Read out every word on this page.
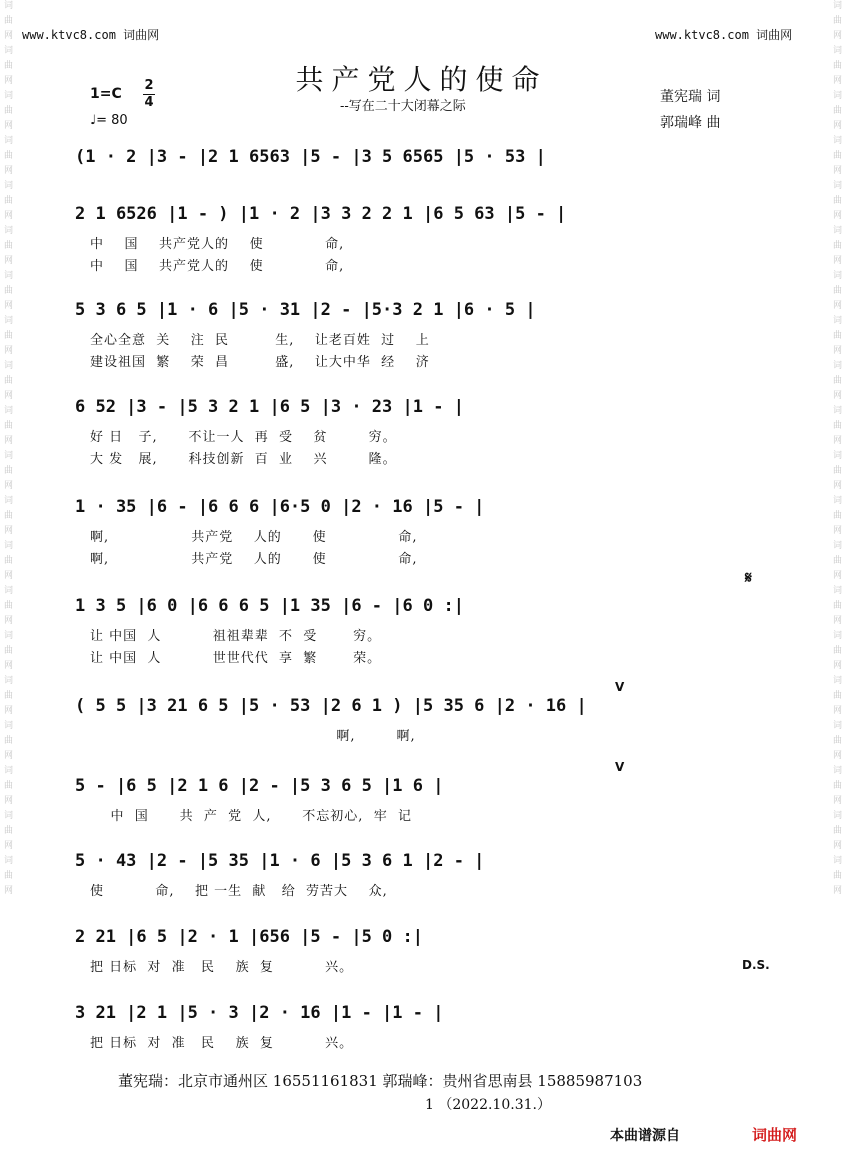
词曲网词曲网词曲网词曲网词曲网词曲网词曲网词曲网词曲网词曲网词曲网词曲网词曲网词曲网词曲网词曲网词曲网词曲网词曲网词曲网	词曲网词曲网词曲网词曲网词曲网词曲网词曲网词曲网词曲网词曲网词曲网词曲网词曲网词曲网词曲网词曲网词曲网词曲网词曲网词曲网
www.ktvc8.com 词曲网	www.ktvc8.com 词曲网
共产党人的使命
--写在二十大闭幕之际
1=C
2
4
♩= 80
董宪瑞 词
郭瑞峰 曲
(1 · 2 |3 - |2 1 6563 |5 - |3 5 6565 |5 · 53 |
2 1 6526 |1 - ) |1 · 2 |3 3 2 2 1 |6 5 63 |5 - |
中    国    共产党人的    使            命,
中    国    共产党人的    使            命,
5 3 6 5 |1 · 6 |5 · 31 |2 - |5·3 2 1 |6 · 5 |
全心全意  关    注  民         生,    让老百姓  过    上
建设祖国  繁    荣  昌         盛,    让大中华  经    济
6 52 |3 - |5 3 2 1 |6 5 |3 · 23 |1 - |
好 日   子,      不让一人  再  受    贫        穷。
大 发   展,      科技创新  百  业    兴        隆。
1 · 35 |6 - |6 6 6 |6·5 0 |2 · 16 |5 - |
啊,                共产党    人的      使              命,
啊,                共产党    人的      使              命,
1 3 5 |6 0 |6 6 6 5 |1 35 |6 - |6 0 :|
让 中国  人          祖祖辈辈  不  受       穷。
让 中国  人          世世代代  享  繁       荣。
( 5 5 |3 21 6 5 |5 · 53 |2 6 1 ) |5 35 6 |2 · 16 |
啊,        啊,
5 - |6 5 |2 1 6 |2 - |5 3 6 5 |1 6 |
中  国      共  产  党  人,      不忘初心,  牢  记
5 · 43 |2 - |5 35 |1 · 6 |5 3 6 1 |2 - |
使          命,    把 一生  献   给  劳苦大    众,
2 21 |6 5 |2 · 1 |656 |5 - |5 0 :|
把 日标  对  准   民    族  复          兴。
3 21 |2 1 |5 · 3 |2 · 16 |1 - |1 - |
把 日标  对  准   民    族  复          兴。
𝄋
D.S.
V
V
董宪瑞：北京市通州区 16551161831 郭瑞峰：贵州省思南县 15885987103
1 （2022.10.31.）
本曲谱源自	词曲网
